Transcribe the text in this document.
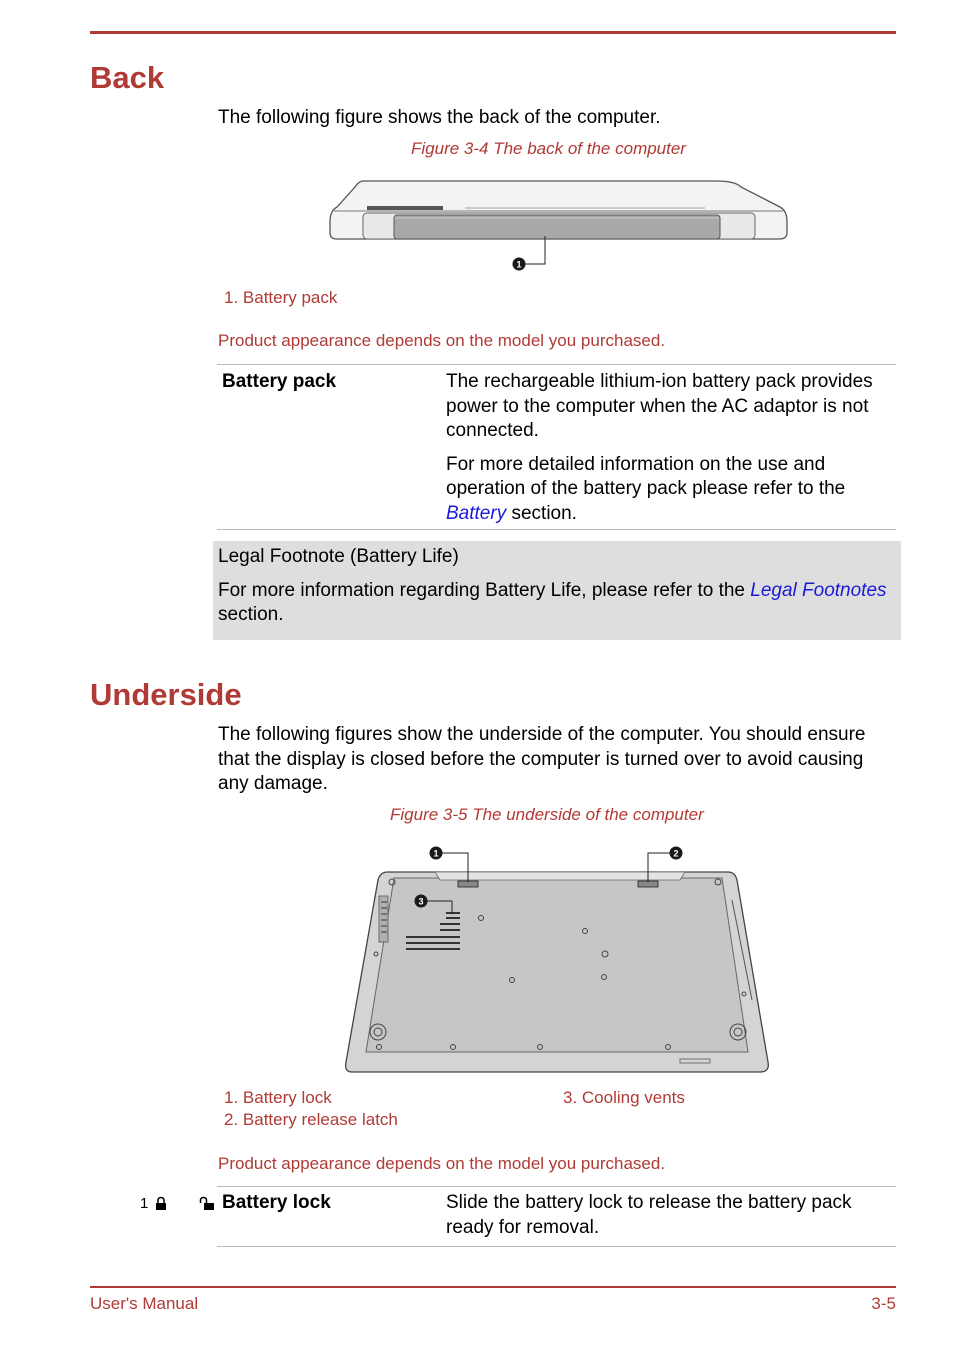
Back

The following figure shows the back of the computer.

Figure 3-4 The back of the computer
1
1. Battery pack
Product appearance depends on the model you purchased.
Battery pack	The rechargeable lithium-ion battery pack provides power to the computer when the AC adaptor is not connected.

For more detailed information on the use and operation of the battery pack please refer to the Battery section.

Legal Footnote (Battery Life)

For more information regarding Battery Life, please refer to the Legal Footnotes section.

Underside

The following figures show the underside of the computer. You should ensure that the display is closed before the computer is turned over to avoid causing any damage.

Figure 3-5 The underside of the computer
1	2
3
1. Battery lock
2. Battery release latch
3. Cooling vents
Product appearance depends on the model you purchased.
1	Battery lock	Slide the battery lock to release the battery pack ready for removal.

User's Manual	3-5
